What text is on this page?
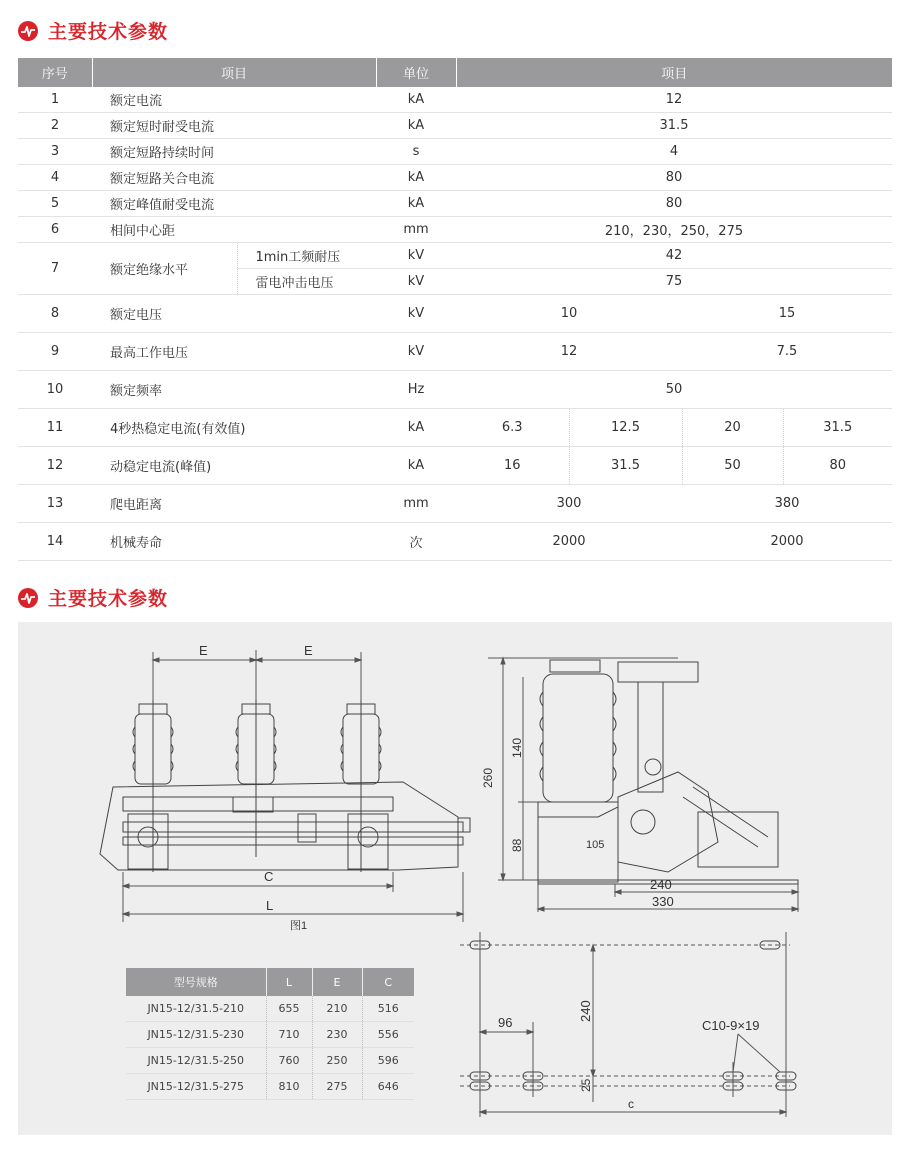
主要技术参数
序号	项目		单位	项目			
1	额定电流		kA	12			
2	额定短时耐受电流		kA	31.5			
3	额定短路持续时间		s	4			
4	额定短路关合电流		kA	80			
5	额定峰值耐受电流		kA	80			
6	相间中心距		mm	210，230，250，275			
7	额定绝缘水平	1min工频耐压	kV	42			
		雷电冲击电压	kV	75			
8	额定电压		kV	10		15	
9	最高工作电压		kV	12		7.5	
10	额定频率		Hz	50			
11	4秒热稳定电流(有效值)		kA	6.3	12.5	20	31.5
12	动稳定电流(峰值)		kA	16	31.5	50	80
13	爬电距离		mm	300		380	
14	机械寿命		次	2000		2000	
主要技术参数
E	E
C
L
图1
260
140
88	105
240
330
240
96
25
c
C10-9×19
型号规格	L	E	C
JN15-12/31.5-210	655	210	516
JN15-12/31.5-230	710	230	556
JN15-12/31.5-250	760	250	596
JN15-12/31.5-275	810	275	646
